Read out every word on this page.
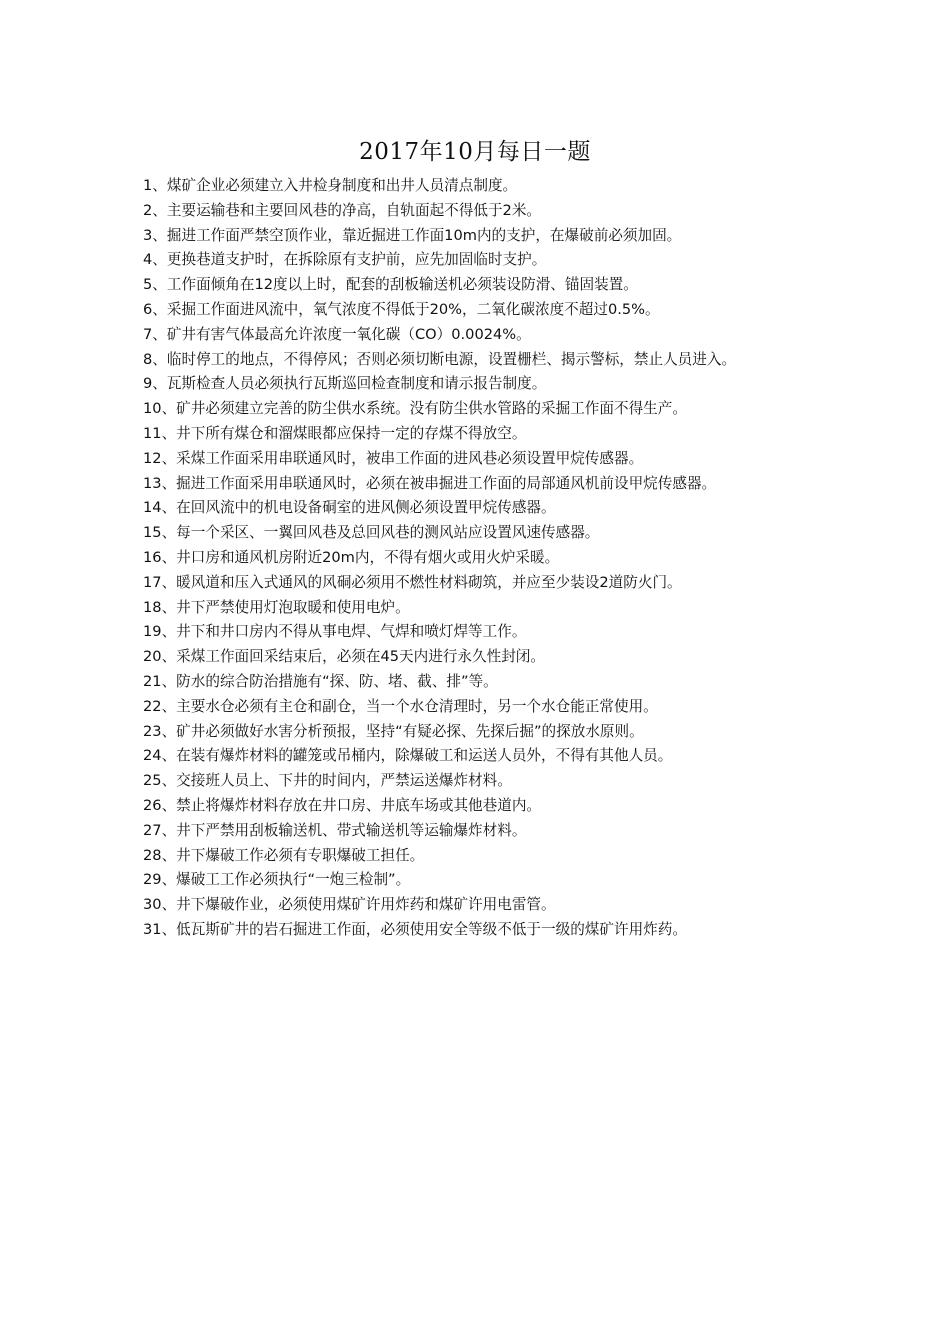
2017年10月每日一题
1、煤矿企业必须建立入井检身制度和出井人员清点制度。
2、主要运输巷和主要回风巷的净高，自轨面起不得低于2米。
3、掘进工作面严禁空顶作业，靠近掘进工作面10m内的支护，在爆破前必须加固。
4、更换巷道支护时，在拆除原有支护前，应先加固临时支护。
5、工作面倾角在12度以上时，配套的刮板输送机必须装设防滑、锚固装置。
6、采掘工作面进风流中，氧气浓度不得低于20%，二氧化碳浓度不超过0.5%。
7、矿井有害气体最高允许浓度一氧化碳（CO）0.0024%。
8、临时停工的地点，不得停风；否则必须切断电源，设置栅栏、揭示警标，禁止人员进入。
9、瓦斯检查人员必须执行瓦斯巡回检查制度和请示报告制度。
10、矿井必须建立完善的防尘供水系统。没有防尘供水管路的采掘工作面不得生产。
11、井下所有煤仓和溜煤眼都应保持一定的存煤不得放空。
12、采煤工作面采用串联通风时，被串工作面的进风巷必须设置甲烷传感器。
13、掘进工作面采用串联通风时，必须在被串掘进工作面的局部通风机前设甲烷传感器。
14、在回风流中的机电设备硐室的进风侧必须设置甲烷传感器。
15、每一个采区、一翼回风巷及总回风巷的测风站应设置风速传感器。
16、井口房和通风机房附近20m内，不得有烟火或用火炉采暖。
17、暖风道和压入式通风的风硐必须用不燃性材料砌筑，并应至少装设2道防火门。
18、井下严禁使用灯泡取暖和使用电炉。
19、井下和井口房内不得从事电焊、气焊和喷灯焊等工作。
20、采煤工作面回采结束后，必须在45天内进行永久性封闭。
21、防水的综合防治措施有“探、防、堵、截、排”等。
22、主要水仓必须有主仓和副仓，当一个水仓清理时，另一个水仓能正常使用。
23、矿井必须做好水害分析预报，坚持“有疑必探、先探后掘”的探放水原则。
24、在装有爆炸材料的罐笼或吊桶内，除爆破工和运送人员外，不得有其他人员。
25、交接班人员上、下井的时间内，严禁运送爆炸材料。
26、禁止将爆炸材料存放在井口房、井底车场或其他巷道内。
27、井下严禁用刮板输送机、带式输送机等运输爆炸材料。
28、井下爆破工作必须有专职爆破工担任。
29、爆破工工作必须执行“一炮三检制”。
30、井下爆破作业，必须使用煤矿许用炸药和煤矿许用电雷管。
31、低瓦斯矿井的岩石掘进工作面，必须使用安全等级不低于一级的煤矿许用炸药。
